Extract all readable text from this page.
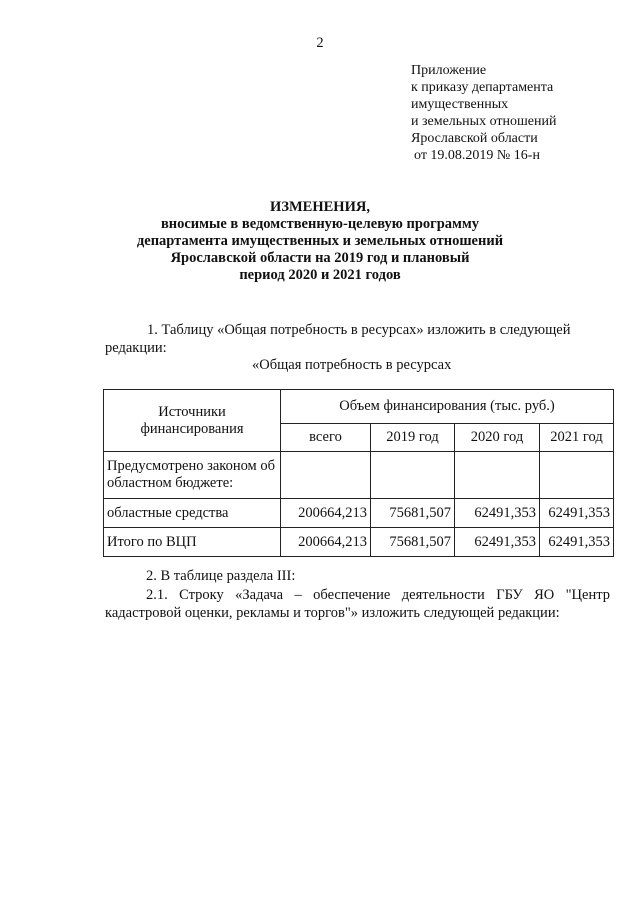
2
Приложение
к приказу департамента
имущественных
и земельных отношений
Ярославской области
от 19.08.2019 № 16-н
ИЗМЕНЕНИЯ,
вносимые в ведомственную-целевую программу
департамента имущественных и земельных отношений
Ярославской области на 2019 год и плановый
период 2020 и 2021 годов
1. Таблицу «Общая потребность в ресурсах» изложить в следующей
редакции:
«Общая потребность в ресурсах
Источники финансирования	Объем финансирования (тыс. руб.)			
	всего	2019 год	2020 год	2021 год
Предусмотрено законом об областном бюджете:				
областные средства	200664,213	75681,507	62491,353	62491,353
Итого по ВЦП	200664,213	75681,507	62491,353	62491,353
2. В таблице раздела III:
2.1. Строку «Задача – обеспечение деятельности ГБУ ЯО "Центр
кадастровой оценки, рекламы и торгов"» изложить следующей редакции:
